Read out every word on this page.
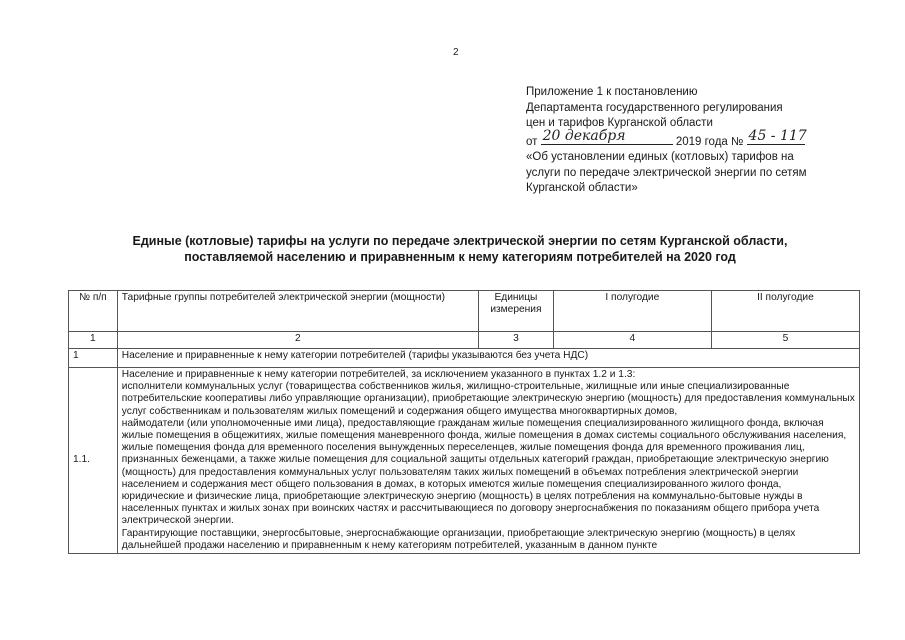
2
Приложение 1 к постановлению
Департамента государственного регулирования
цен и тарифов Курганской области
от 20 декабря	2019 года № 45 - 117
«Об установлении единых (котловых) тарифов на
услуги по передаче электрической энергии по сетям
Курганской области»
Единые (котловые) тарифы на услуги по передаче электрической энергии по сетям Курганской области,
поставляемой населению и приравненным к нему категориям потребителей на 2020 год
№ п/п	Тарифные группы потребителей электрической энергии (мощности)	Единицы измерения	I полугодие	II полугодие
1	2	3	4	5
1	Население и приравненные к нему категории потребителей (тарифы указываются без учета НДС)			
1.1.	Население и приравненные к нему категории потребителей, за исключением указанного в пунктах 1.2 и 1.3:

исполнители коммунальных услуг (товарищества собственников жилья, жилищно-строительные, жилищные или иные специализированные потребительские кооперативы либо управляющие организации), приобретающие электрическую энергию (мощность) для предоставления коммунальных услуг собственникам и пользователям жилых помещений и содержания общего имущества многоквартирных домов,

наймодатели (или уполномоченные ими лица), предоставляющие гражданам жилые помещения специализированного жилищного фонда, включая жилые помещения в общежитиях, жилые помещения маневренного фонда, жилые помещения в домах системы социального обслуживания населения, жилые помещения фонда для временного поселения вынужденных переселенцев, жилые помещения фонда для временного проживания лиц, признанных беженцами, а также жилые помещения для социальной защиты отдельных категорий граждан, приобретающие электрическую энергию (мощность) для предоставления коммунальных услуг пользователям таких жилых помещений в объемах потребления электрической энергии населением и содержания мест общего пользования в домах, в которых имеются жилые помещения специализированного жилого фонда,

юридические и физические лица, приобретающие электрическую энергию (мощность) в целях потребления на коммунально-бытовые нужды в населенных пунктах и жилых зонах при воинских частях и рассчитывающиеся по договору энергоснабжения по показаниям общего прибора учета электрической энергии.

Гарантирующие поставщики, энергосбытовые, энергоснабжающие организации, приобретающие электрическую энергию (мощность) в целях дальнейшей продажи населению и приравненным к нему категориям потребителей, указанным в данном пункте			
